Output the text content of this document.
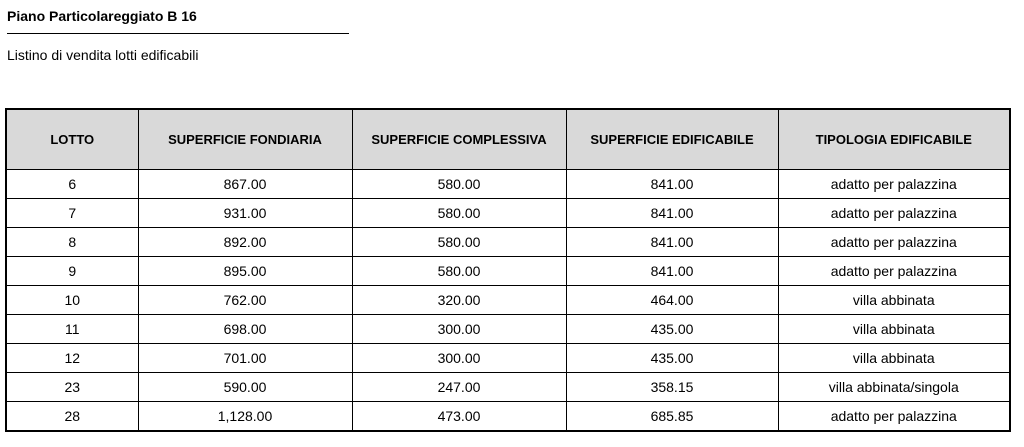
Piano Particolareggiato B 16
Listino di vendita lotti edificabili
LOTTO	SUPERFICIE FONDIARIA	SUPERFICIE COMPLESSIVA	SUPERFICIE EDIFICABILE	TIPOLOGIA EDIFICABILE
6	867.00	580.00	841.00	adatto per palazzina
7	931.00	580.00	841.00	adatto per palazzina
8	892.00	580.00	841.00	adatto per palazzina
9	895.00	580.00	841.00	adatto per palazzina
10	762.00	320.00	464.00	villa abbinata
11	698.00	300.00	435.00	villa abbinata
12	701.00	300.00	435.00	villa abbinata
23	590.00	247.00	358.15	villa abbinata/singola
28	1,128.00	473.00	685.85	adatto per palazzina
